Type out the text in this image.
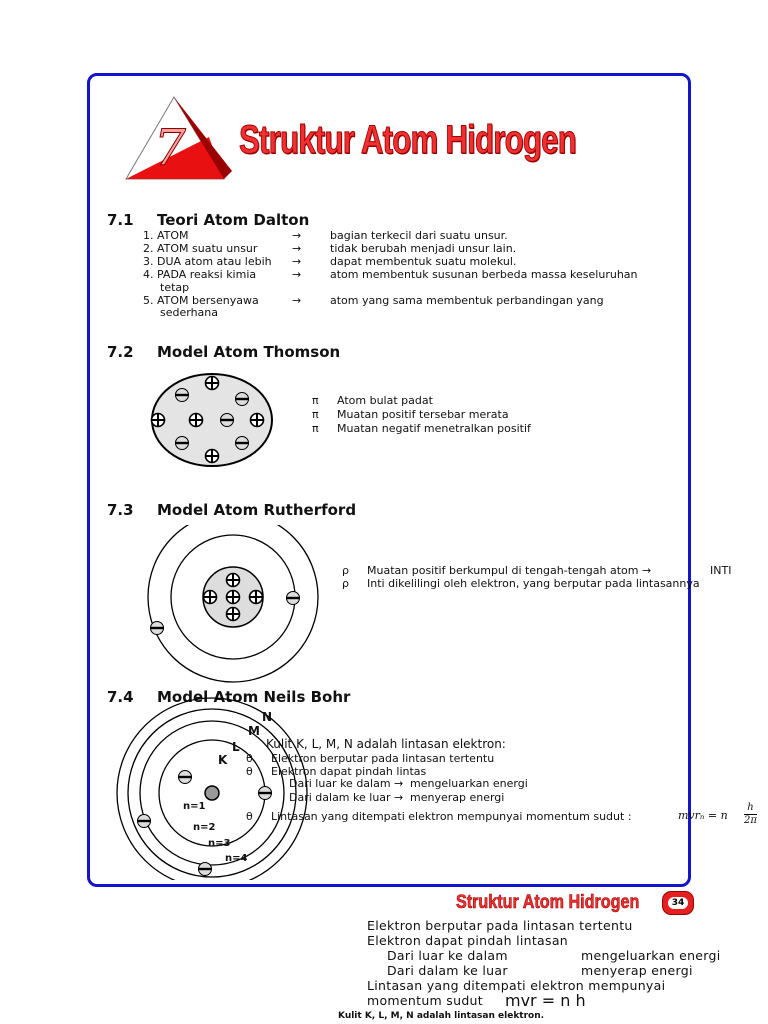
7 Struktur Atom Hidrogen
7.1 Teori Atom Dalton
1. ATOM	→	bagian terkecil dari suatu unsur.
2. ATOM suatu unsur	→	tidak berubah menjadi unsur lain.
3. DUA atom atau lebih →	dapat membentuk suatu molekul.
4. PADA reaksi kimia	→	atom membentuk susunan berbeda massa keseluruhan
tetap
5. ATOM bersenyawa	→	atom yang sama membentuk perbandingan yang
sederhana
7.2 Model Atom Thomson
π Atom bulat padat
π Muatan positif tersebar merata
π Muatan negatif menetralkan positif
7.3 Model Atom Rutherford
ρ Muatan positif berkumpul di tengah-tengah atom →	INTI
ρ Inti dikelilingi oleh elektron, yang berputar pada lintasannya
7.4 Model Atom Neils Bohr
N
M
L
K
n=1
n=2
n=3
n=4
Kulit K, L, M, N adalah lintasan elektron:
θ Elektron berputar pada lintasan tertentu
θ Elektron dapat pindah lintas
Dari luar ke dalam → mengeluarkan energi
Dari dalam ke luar → menyerap energi
θ Lintasan yang ditempati elektron mempunyai momentum sudut :	mvrₙ = n $\frac{h}{2\pi}$
Struktur Atom Hidrogen	34
Elektron berputar pada lintasan tertentu
Elektron dapat pindah lintasan
Dari luar ke dalam	mengeluarkan energi
Dari dalam ke luar	menyerap energi
Lintasan yang ditempati elektron mempunyai
momentum sudut mvr = n h
Kulit K, L, M, N adalah lintasan elektron.
